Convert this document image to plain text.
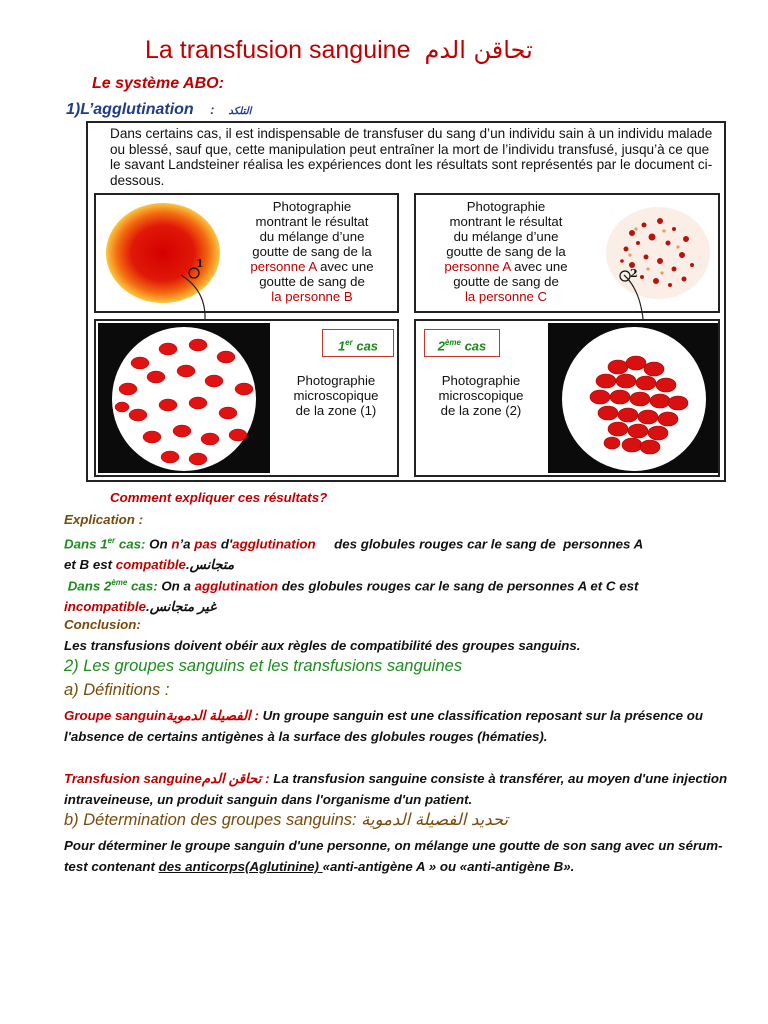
La transfusion sanguine تحاقن الدم
Le système ABO:
1)L’agglutination : التلكد
Dans certains cas, il est indispensable de transfuser du sang d’un individu sain à un individu malade ou blessé, sauf que, cette manipulation peut entraîner la mort de l’individu transfusé, jusqu’à ce que le savant Landsteiner réalisa les expériences dont les résultats sont représentés par le document ci-dessous.
1
Photographie
montrant le résultat
du mélange d’une
goutte de sang de la
personne A avec une
goutte de sang de
la personne B
Photographie
montrant le résultat
du mélange d’une
goutte de sang de la
personne A avec une
goutte de sang de
la personne C
2
1er cas
Photographie
microscopique
de la zone (1)
2ème cas
Photographie
microscopique
de la zone (2)
Comment expliquer ces résultats?
Explication :
Dans 1er cas: On n’a pas d'agglutination     des globules rouges car le sang de  personnes A
et B est compatible.متجانس
Dans 2ème cas: On a agglutination des globules rouges car le sang de personnes A et C est
incompatible.غير متجانس
Conclusion:
Les transfusions doivent obéir aux règles de compatibilité des groupes sanguins.
2) Les groupes sanguins et les transfusions sanguines
a) Définitions :
Groupe sanguinالفصيلة الدموية : Un groupe sanguin est une classification reposant sur la présence ou l'absence de certains antigènes à la surface des globules rouges (hématies).
Transfusion sanguineتحاقن الدم : La transfusion sanguine consiste à transférer, au moyen d'une injection intraveineuse, un produit sanguin dans l'organisme d'un patient.
b) Détermination des groupes sanguins: تحديد الفصيلة الدموية
Pour déterminer le groupe sanguin d'une personne, on mélange une goutte de son sang avec un sérum-test contenant des anticorps(Aglutinine) «anti-antigène A » ou «anti-antigène B».
